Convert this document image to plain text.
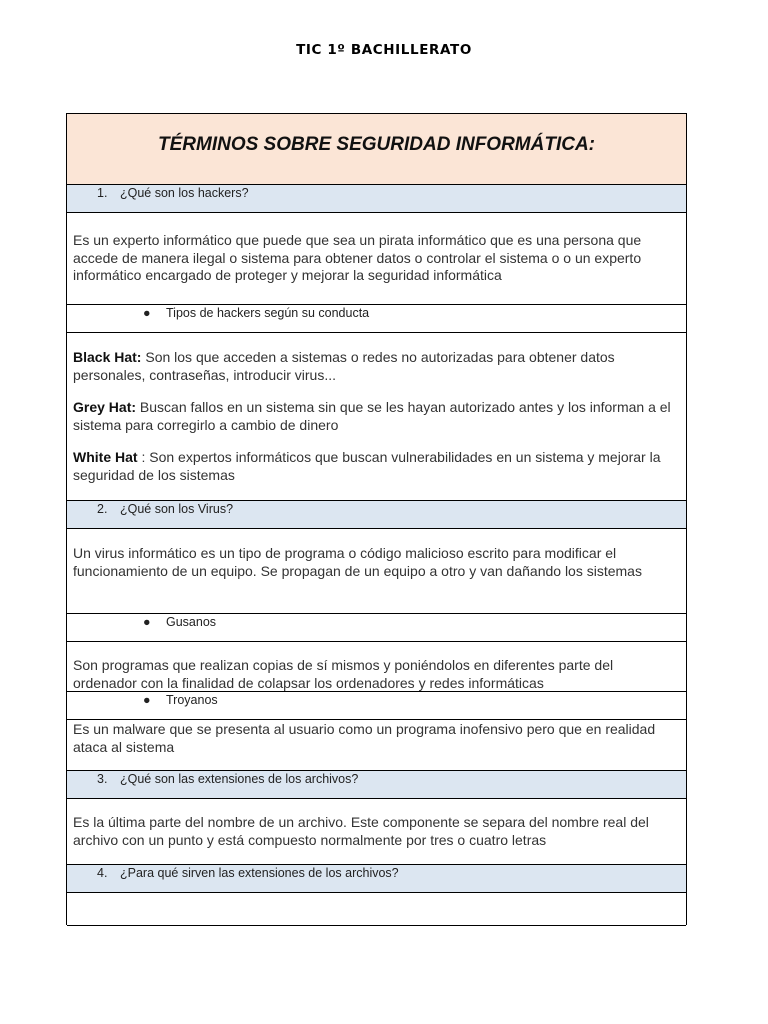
TIC 1º BACHILLERATO
TÉRMINOS SOBRE SEGURIDAD INFORMÁTICA:
1. ¿Qué son los hackers?
Es un experto informático que puede que sea un pirata informático que es una persona que accede de manera ilegal o sistema para obtener datos o controlar el sistema o o un experto informático encargado de proteger y mejorar la seguridad informática
● Tipos de hackers según su conducta
Black Hat: Son los que acceden a sistemas o redes no autorizadas para obtener datos personales, contraseñas, introducir virus...
Grey Hat: Buscan fallos en un sistema sin que se les hayan autorizado antes y los informan a el sistema para corregirlo a cambio de dinero
White Hat : Son expertos informáticos que buscan vulnerabilidades en un sistema y mejorar la seguridad de los sistemas
2. ¿Qué son los Virus?
Un virus informático es un tipo de programa o código malicioso escrito para modificar el funcionamiento de un equipo. Se propagan de un equipo a otro y van dañando los sistemas
● Gusanos
Son programas que realizan copias de sí mismos y poniéndolos en diferentes parte del ordenador con la finalidad de colapsar los ordenadores y redes informáticas
● Troyanos
Es un malware que se presenta al usuario como un programa inofensivo pero que en realidad ataca al sistema
3. ¿Qué son las extensiones de los archivos?
Es la última parte del nombre de un archivo. Este componente se separa del nombre real del archivo con un punto y está compuesto normalmente por tres o cuatro letras
4. ¿Para qué sirven las extensiones de los archivos?
